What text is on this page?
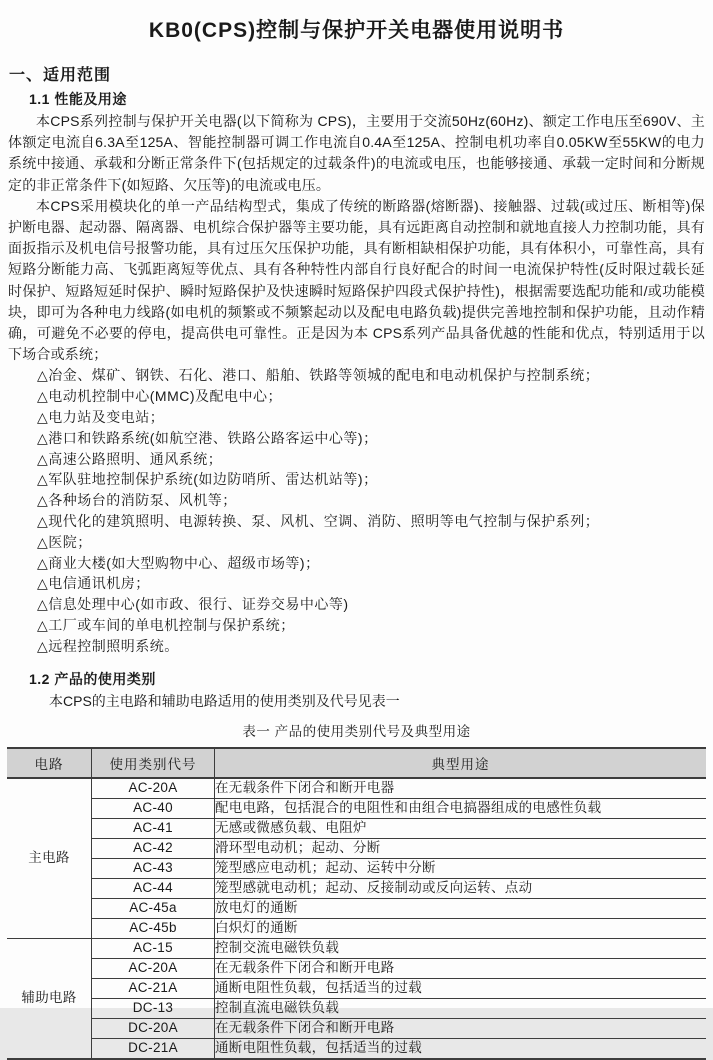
KB0(CPS)控制与保护开关电器使用说明书
一、适用范围
1.1 性能及用途

本CPS系列控制与保护开关电器(以下简称为 CPS)，主要用于交流50Hz(60Hz)、额定工作电压至690V、主体额定电流自6.3A至125A、智能控制器可调工作电流自0.4A至125A、控制电机功率自0.05KW至55KW的电力系统中接通、承载和分断正常条件下(包括规定的过载条件)的电流或电压，也能够接通、承载一定时间和分断规定的非正常条件下(如短路、欠压等)的电流或电压。

本CPS采用模块化的单一产品结构型式，集成了传统的断路器(熔断器)、接触器、过载(或过压、断相等)保护断电器、起动器、隔离器、电机综合保护器等主要功能，具有远距离自动控制和就地直接人力控制功能，具有面扳指示及机电信号报警功能，具有过压欠压保护功能，具有断相缺相保护功能，具有体积小，可靠性高，具有短路分断能力高、飞弧距离短等优点、具有各种特性内部自行良好配合的时间一电流保护特性(反时限过载长延时保护、短路短延时保护、瞬时短路保护及快速瞬时短路保护四段式保护持性)，根据需要选配功能和/或功能模块，即可为各种电力线路(如电机的频繁或不频繁起动以及配电电路负载)提供完善地控制和保护功能，且动作精确，可避免不必要的停电，提高供电可靠性。正是因为本 CPS系列产品具备优越的性能和优点，特别适用于以下场合或系统；

△冶金、煤矿、钢铁、石化、港口、船舶、铁路等领城的配电和电动机保护与控制系统；
△电动机控制中心(MMC)及配电中心；
△电力站及变电站；
△港口和铁路系统(如航空港、铁路公路客运中心等)；
△高速公路照明、通风系统；
△军队驻地控制保护系统(如边防哨所、雷达机站等)；
△各种场台的消防泵、风机等；
△现代化的建筑照明、电源转换、泵、风机、空调、消防、照明等电气控制与保护系列；
△医院；
△商业大楼(如大型购物中心、超级市场等)；
△电信通讯机房；
△信息处理中心(如市政、很行、证券交易中心等)
△工厂或车间的单电机控制与保护系统；
△远程控制照明系统。
1.2 产品的使用类别

本CPS的主电路和辅助电路适用的使用类别及代号见表一

表一 产品的使用类别代号及典型用途
电路	使用类别代号	典型用途
主电路	AC-20A	在无载条件下闭合和断开电器
	AC-40	配电电路，包括混合的电阻性和由组合电搞器组成的电感性负载
	AC-41	无感或微感负载、电阻炉
	AC-42	滑环型电动机；起动、分断
	AC-43	笼型感应电动机；起动、运转中分断
	AC-44	笼型感就电动机；起动、反接制动或反向运转、点动
	AC-45a	放电灯的通断
	AC-45b	白炽灯的通断
辅助电路	AC-15	控制交流电磁铁负载
	AC-20A	在无载条件下闭合和断开电路
	AC-21A	通断电阻性负载，包括适当的过载
	DC-13	控制直流电磁铁负载
	DC-20A	在无载条件下闭合和断开电路
	DC-21A	通断电阻性负载，包括适当的过载
